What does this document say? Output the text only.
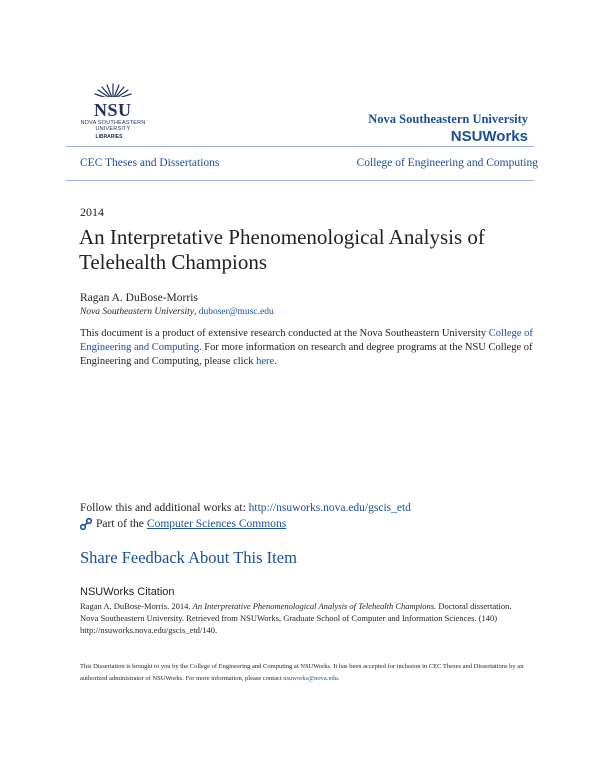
NSU
NOVA SOUTHEASTERN
UNIVERSITY
LIBRARIES
Nova Southeastern University
NSUWorks
CEC Theses and Dissertations	College of Engineering and Computing
2014
An Interpretative Phenomenological Analysis of Telehealth Champions
Ragan A. DuBose-Morris
Nova Southeastern University, duboser@musc.edu
This document is a product of extensive research conducted at the Nova Southeastern University College of Engineering and Computing. For more information on research and degree programs at the NSU College of Engineering and Computing, please click here.
Follow this and additional works at: http://nsuworks.nova.edu/gscis_etd
Part of the Computer Sciences Commons
Share Feedback About This Item
NSUWorks Citation
Ragan A. DuBose-Morris. 2014. An Interpretative Phenomenological Analysis of Telehealth Champions. Doctoral dissertation. Nova Southeastern University. Retrieved from NSUWorks, Graduate School of Computer and Information Sciences. (140) http://nsuworks.nova.edu/gscis_etd/140.
This Dissertation is brought to you by the College of Engineering and Computing at NSUWorks. It has been accepted for inclusion in CEC Theses and Dissertations by an authorized administrator of NSUWorks. For more information, please contact nsuworks@nova.edu.
